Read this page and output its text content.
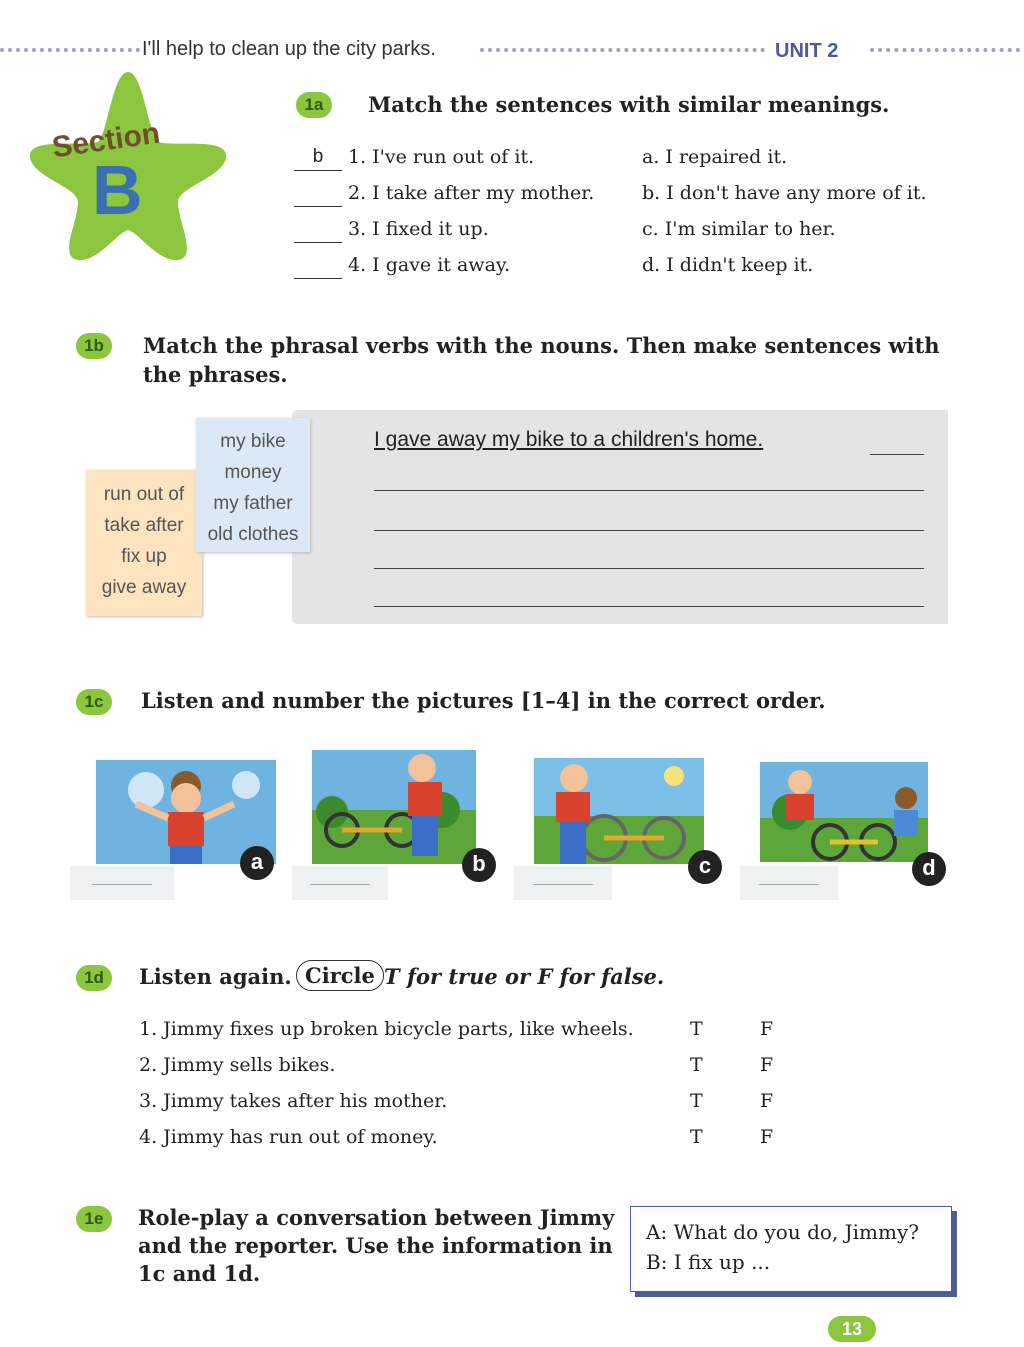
I'll help to clean up the city parks.	UNIT 2
Section
B
1a	Match the sentences with similar meanings.
b	1. I've run out of it.	a. I repaired it.
2. I take after my mother.	b. I don't have any more of it.
3. I fixed it up.	c. I'm similar to her.
4. I gave it away.	d. I didn't keep it.
1b	Match the phrasal verbs with the nouns. Then make sentences with the phrases.
run out of
take after
fix up
give away
my bike
money
my father
old clothes
I gave away my bike to a children's home.
1c	Listen and number the pictures [1–4] in the correct order.
a	b	c	d
1d	Listen again. Circle T for true or F for false.
1. Jimmy fixes up broken bicycle parts, like wheels.	T	F
2. Jimmy sells bikes.	T	F
3. Jimmy takes after his mother.	T	F
4. Jimmy has run out of money.	T	F
1e	Role-play a conversation between Jimmy and the reporter. Use the information in 1c and 1d.
A: What do you do, Jimmy?
B: I fix up ...
13
